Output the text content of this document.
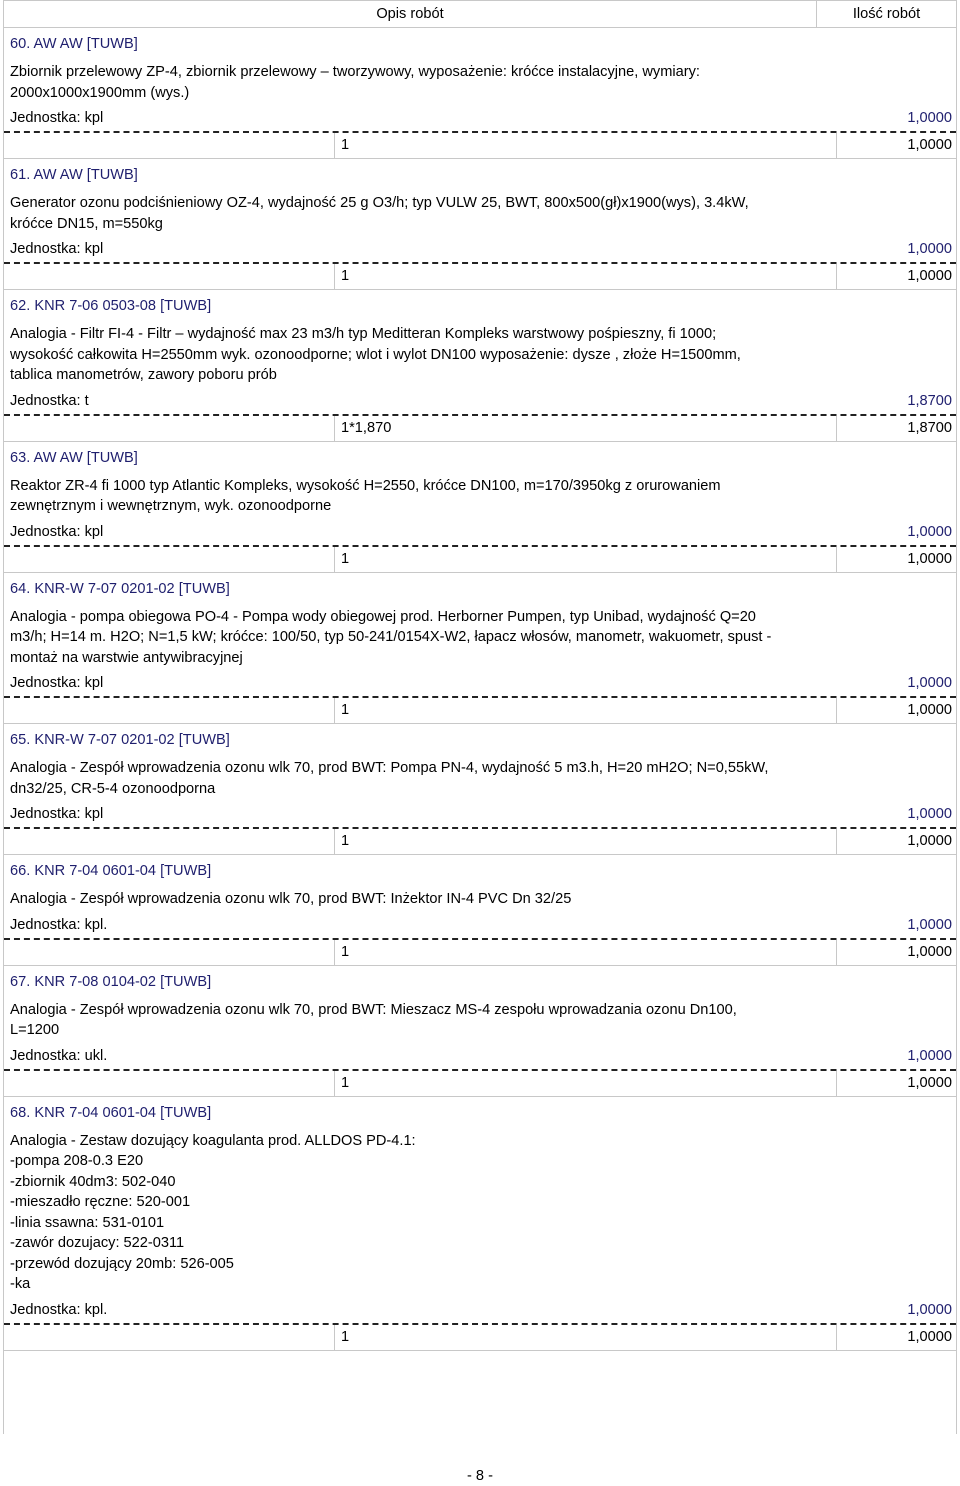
Opis robót	Ilość robót
60. AW AW [TUWB]
Zbiornik przelewowy ZP-4, zbiornik przelewowy – tworzywowy, wyposażenie: króćce instalacyjne, wymiary:
2000x1000x1900mm (wys.)
Jednostka: kpl	1,0000
1	1,0000
61. AW AW [TUWB]
Generator ozonu podciśnieniowy OZ-4, wydajność 25 g O3/h; typ VULW 25, BWT, 800x500(gł)x1900(wys), 3.4kW,
króćce DN15, m=550kg
Jednostka: kpl	1,0000
1	1,0000
62. KNR 7-06 0503-08 [TUWB]
Analogia - Filtr FI-4 - Filtr – wydajność max 23 m3/h typ Meditteran Kompleks warstwowy pośpieszny, fi 1000;
wysokość całkowita H=2550mm wyk. ozonoodporne; wlot i wylot DN100 wyposażenie: dysze , złoże H=1500mm,
tablica manometrów, zawory poboru prób
Jednostka: t	1,8700
1*1,870	1,8700
63. AW AW [TUWB]
Reaktor ZR-4 fi 1000 typ Atlantic Kompleks, wysokość H=2550, króćce DN100, m=170/3950kg z orurowaniem
zewnętrznym i wewnętrznym, wyk. ozonoodporne
Jednostka: kpl	1,0000
1	1,0000
64. KNR-W 7-07 0201-02 [TUWB]
Analogia - pompa obiegowa PO-4 - Pompa wody obiegowej prod. Herborner Pumpen, typ Unibad, wydajność Q=20
m3/h; H=14 m. H2O; N=1,5 kW; króćce: 100/50, typ 50-241/0154X-W2, łapacz włosów, manometr, wakuometr, spust -
montaż na warstwie antywibracyjnej
Jednostka: kpl	1,0000
1	1,0000
65. KNR-W 7-07 0201-02 [TUWB]
Analogia - Zespół wprowadzenia ozonu wlk 70, prod BWT: Pompa PN-4, wydajność 5 m3.h, H=20 mH2O; N=0,55kW,
dn32/25, CR-5-4 ozonoodporna
Jednostka: kpl	1,0000
1	1,0000
66. KNR 7-04 0601-04 [TUWB]
Analogia - Zespół wprowadzenia ozonu wlk 70, prod BWT: Inżektor IN-4 PVC Dn 32/25
Jednostka: kpl.	1,0000
1	1,0000
67. KNR 7-08 0104-02 [TUWB]
Analogia - Zespół wprowadzenia ozonu wlk 70, prod BWT: Mieszacz MS-4 zespołu wprowadzania ozonu Dn100,
L=1200
Jednostka: ukl.	1,0000
1	1,0000
68. KNR 7-04 0601-04 [TUWB]
Analogia - Zestaw dozujący koagulanta prod. ALLDOS PD-4.1:
-pompa 208-0.3 E20
-zbiornik 40dm3: 502-040
-mieszadło ręczne: 520-001
-linia ssawna: 531-0101
-zawór dozujacy: 522-0311
-przewód dozujący 20mb: 526-005
-ka
Jednostka: kpl.	1,0000
1	1,0000
- 8 -
